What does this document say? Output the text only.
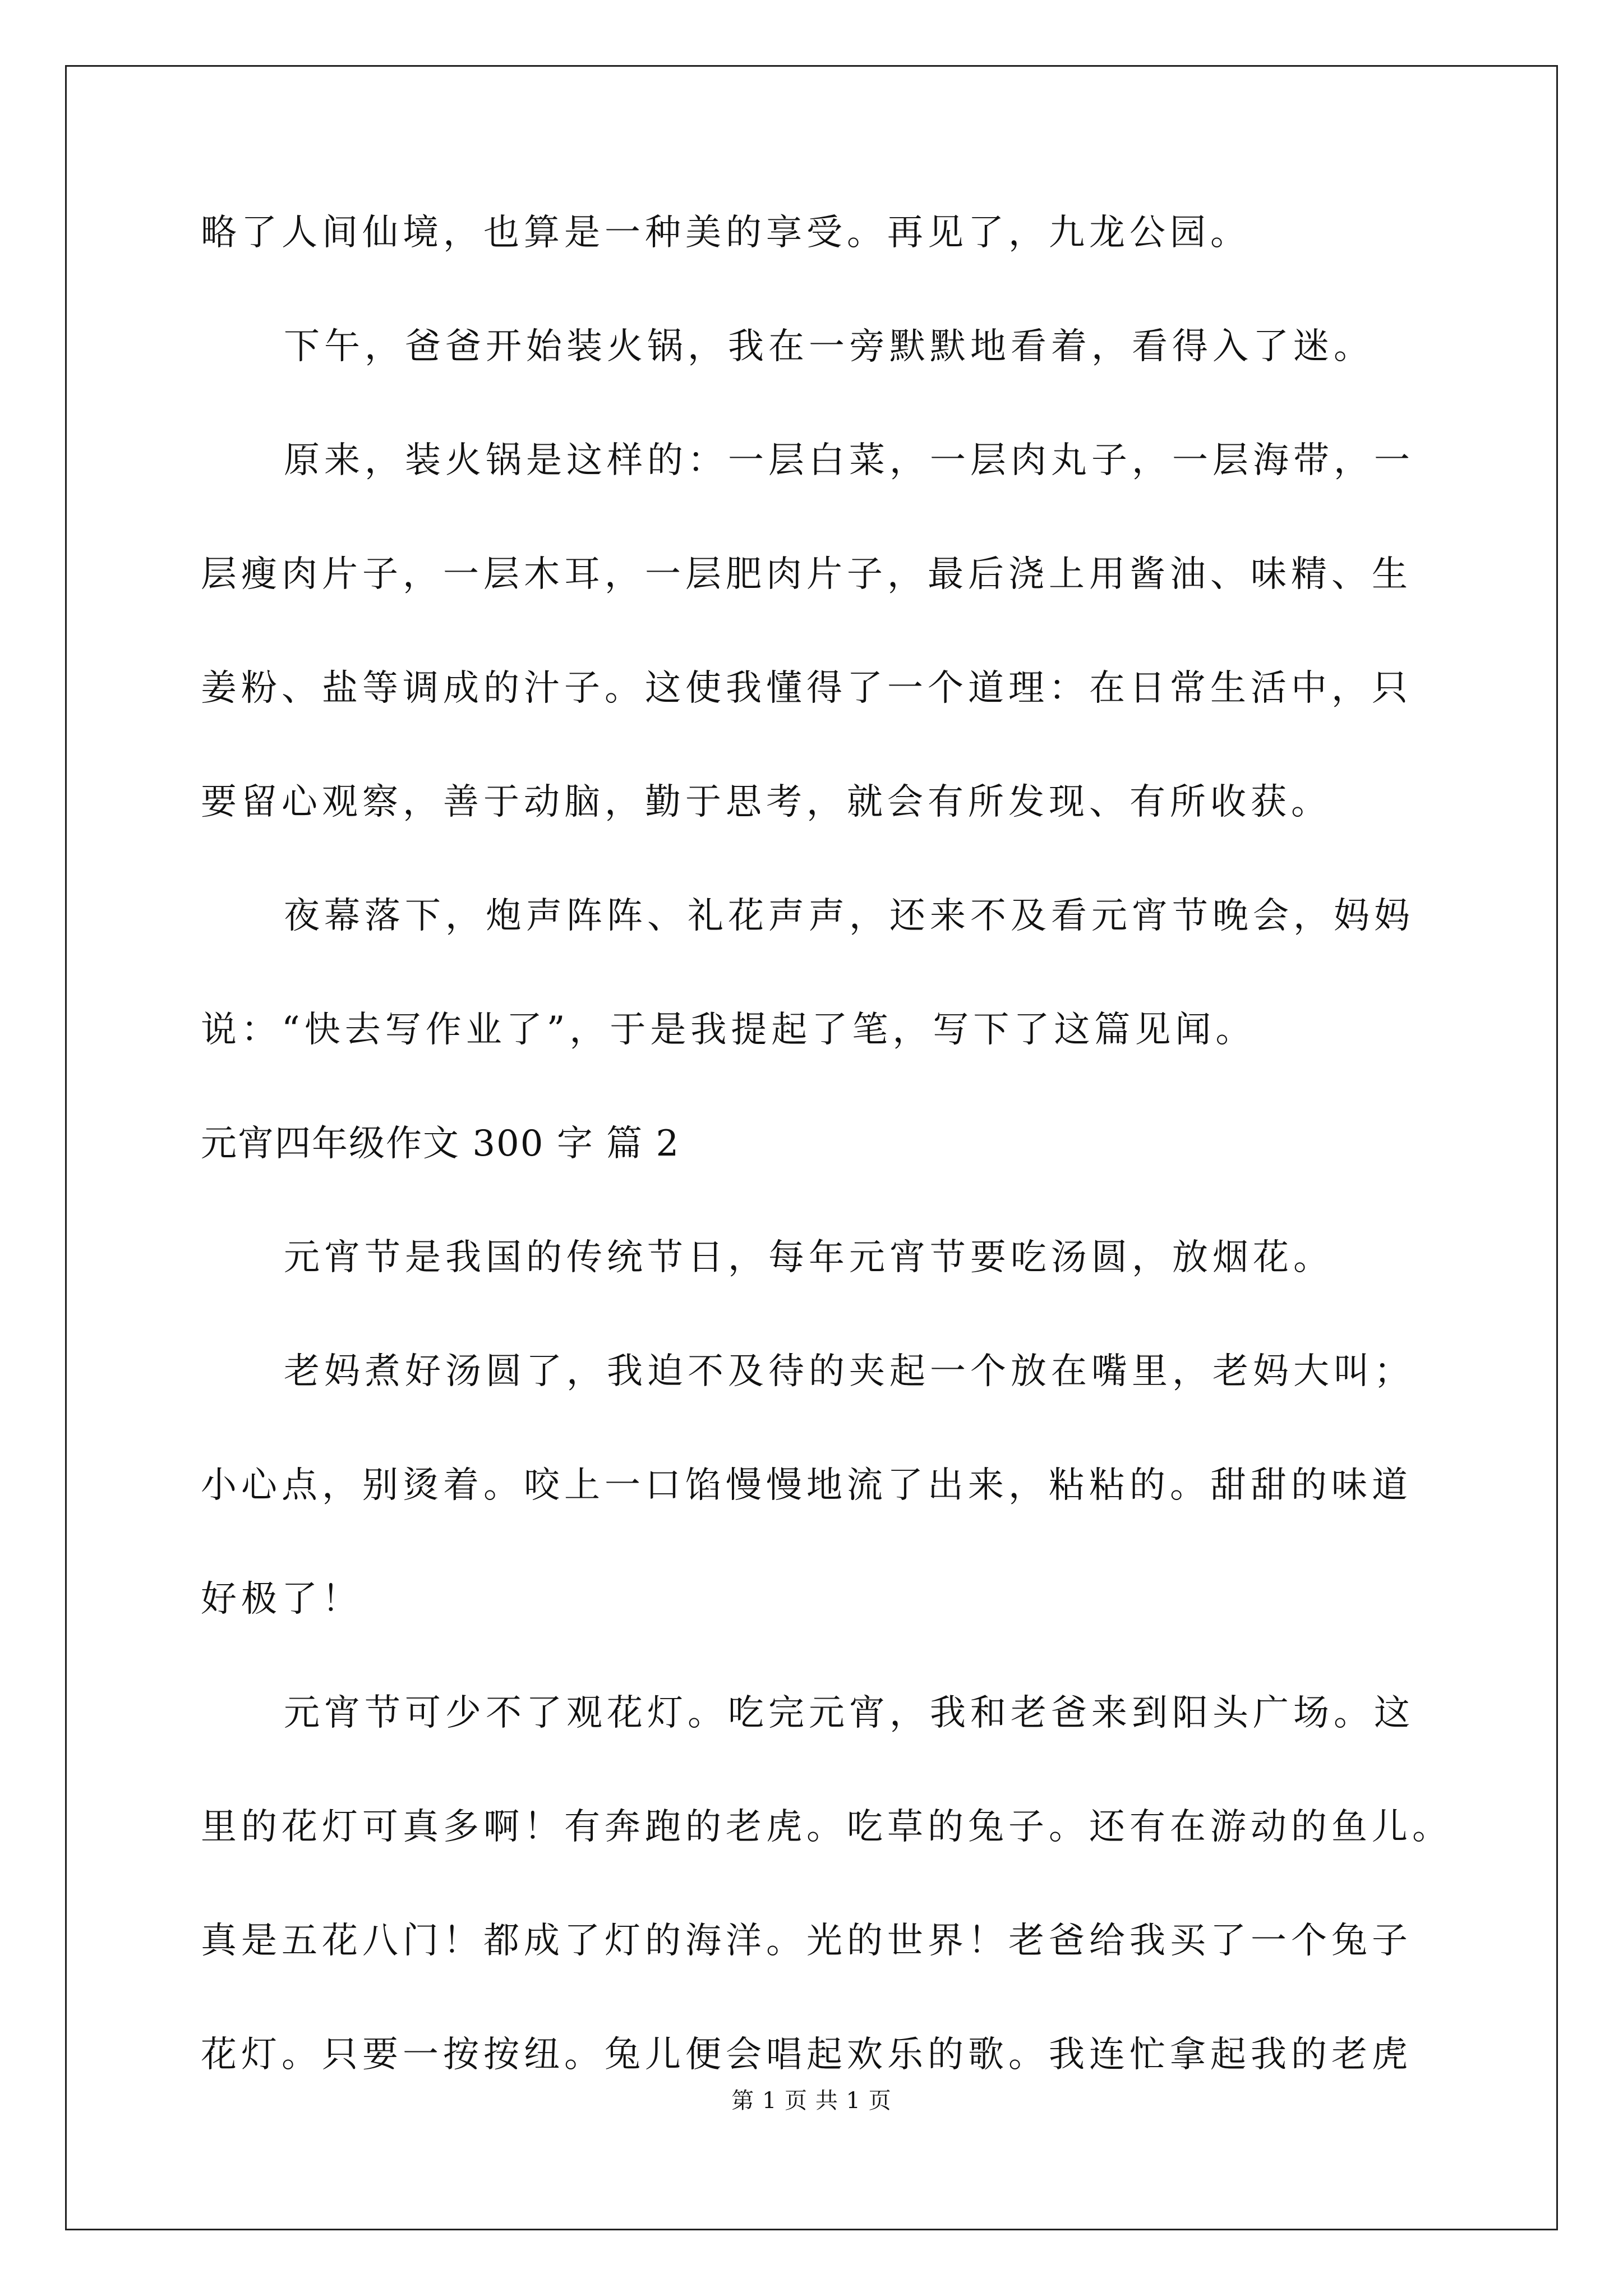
略了人间仙境，也算是一种美的享受。再见了，九龙公园。
下午，爸爸开始装火锅，我在一旁默默地看着，看得入了迷。
原来，装火锅是这样的：一层白菜，一层肉丸子，一层海带，一
层瘦肉片子，一层木耳，一层肥肉片子，最后浇上用酱油、味精、生
姜粉、盐等调成的汁子。这使我懂得了一个道理：在日常生活中，只
要留心观察，善于动脑，勤于思考，就会有所发现、有所收获。
夜幕落下，炮声阵阵、礼花声声，还来不及看元宵节晚会，妈妈
说：“快去写作业了”，于是我提起了笔，写下了这篇见闻。
元宵四年级作文 300 字 篇 2
元宵节是我国的传统节日，每年元宵节要吃汤圆，放烟花。
老妈煮好汤圆了，我迫不及待的夹起一个放在嘴里，老妈大叫；
小心点，别烫着。咬上一口馅慢慢地流了出来，粘粘的。甜甜的味道
好极了！
元宵节可少不了观花灯。吃完元宵，我和老爸来到阳头广场。这
里的花灯可真多啊！有奔跑的老虎。吃草的兔子。还有在游动的鱼儿。
真是五花八门！都成了灯的海洋。光的世界！老爸给我买了一个兔子
花灯。只要一按按纽。兔儿便会唱起欢乐的歌。我连忙拿起我的老虎
第 1 页 共 1 页
